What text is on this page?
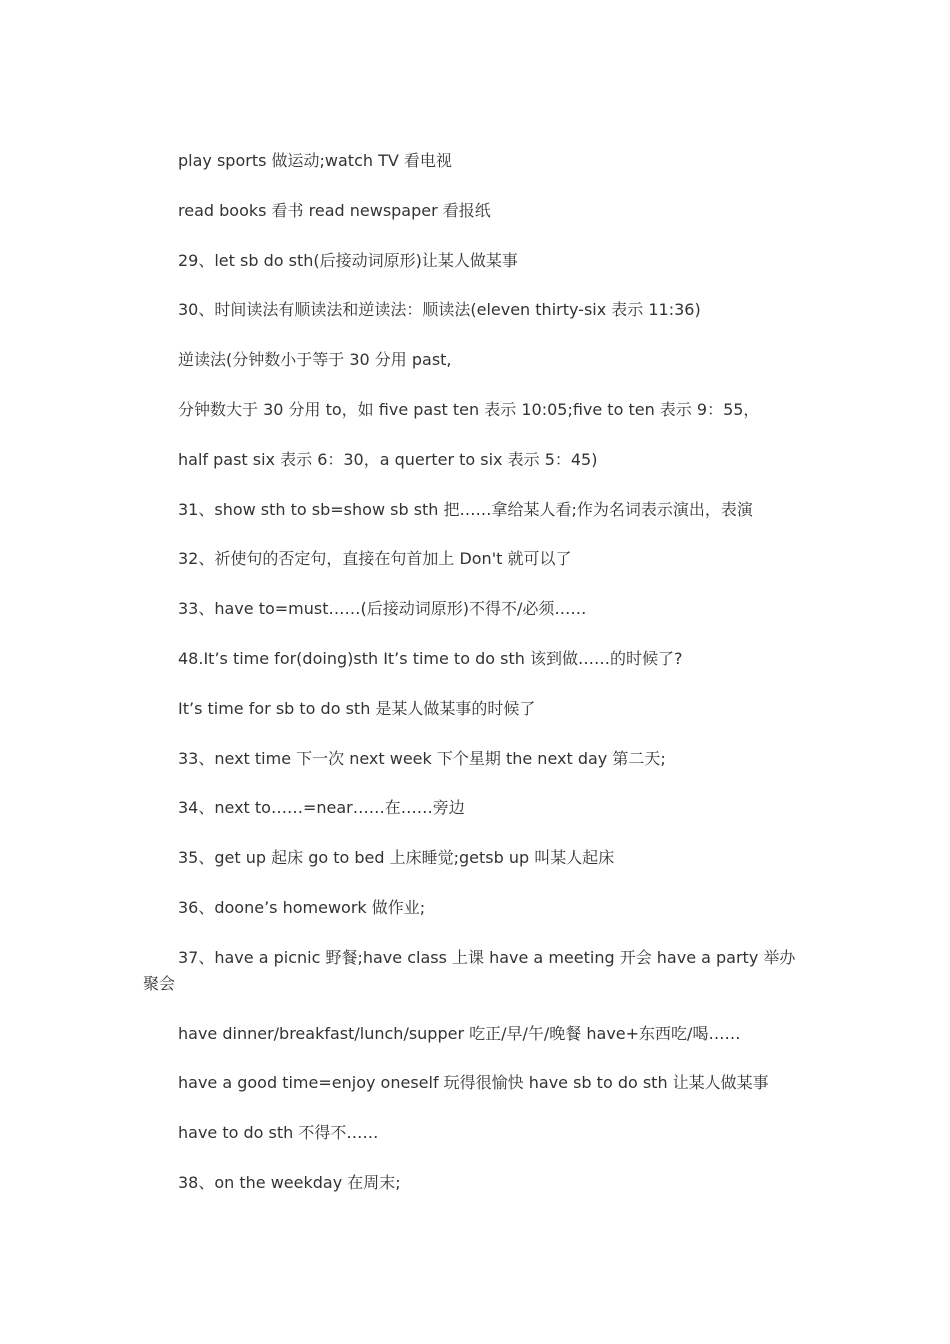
play sports 做运动;watch TV 看电视

read books 看书 read newspaper 看报纸

29、let sb do sth(后接动词原形)让某人做某事

30、时间读法有顺读法和逆读法：顺读法(eleven thirty-six 表示 11:36)

逆读法(分钟数小于等于 30 分用 past,

分钟数大于 30 分用 to，如 five past ten 表示 10:05;five to ten 表示 9：55，

half past six 表示 6：30，a querter to six 表示 5：45)

31、show sth to sb=show sb sth 把……拿给某人看;作为名词表示演出，表演

32、祈使句的否定句，直接在句首加上 Don't 就可以了

33、have to=must……(后接动词原形)不得不/必须……

48.It’s time for(doing)sth It’s time to do sth 该到做……的时候了?

It’s time for sb to do sth 是某人做某事的时候了

33、next time 下一次 next week 下个星期 the next day 第二天;

34、next to……=near……在……旁边

35、get up 起床 go to bed 上床睡觉;getsb up 叫某人起床

36、doone’s homework 做作业;

37、have a picnic 野餐;have class 上课 have a meeting 开会 have a party 举办聚会

have dinner/breakfast/lunch/supper 吃正/早/午/晚餐 have+东西吃/喝……

have a good time=enjoy oneself 玩得很愉快 have sb to do sth 让某人做某事

have to do sth 不得不……

38、on the weekday 在周末;
